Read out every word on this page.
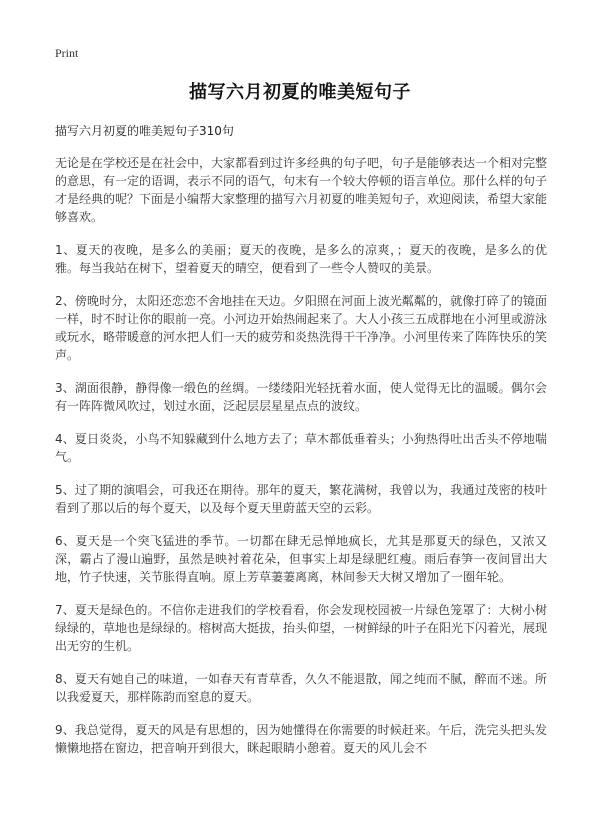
Print
描写六月初夏的唯美短句子

描写六月初夏的唯美短句子310句

无论是在学校还是在社会中，大家都看到过许多经典的句子吧，句子是能够表达一个相对完整的意思，有一定的语调，表示不同的语气，句末有一个较大停顿的语言单位。那什么样的句子才是经典的呢？下面是小编帮大家整理的描写六月初夏的唯美短句子，欢迎阅读，希望大家能够喜欢。

1、夏天的夜晚，是多么的美丽；夏天的夜晚，是多么的凉爽，；夏天的夜晚，是多么的优雅。每当我站在树下，望着夏天的晴空，便看到了一些令人赞叹的美景。

2、傍晚时分，太阳还恋恋不舍地挂在天边。夕阳照在河面上波光粼粼的，就像打碎了的镜面一样，时不时让你的眼前一亮。小河边开始热闹起来了。大人小孩三五成群地在小河里或游泳或玩水，略带暖意的河水把人们一天的疲劳和炎热洗得干干净净。小河里传来了阵阵快乐的笑声。

3、湖面很静，静得像一缎色的丝绸。一缕缕阳光轻抚着水面，使人觉得无比的温暖。偶尔会有一阵阵微风吹过，划过水面，泛起层层星星点点的波纹。

4、夏日炎炎，小鸟不知躲藏到什么地方去了；草木都低垂着头；小狗热得吐出舌头不停地喘气。

5、过了期的演唱会，可我还在期待。那年的夏天，繁花满树，我曾以为，我通过茂密的枝叶看到了那以后的每个夏天，以及每个夏天里蔚蓝天空的云彩。

6、夏天是一个突飞猛进的季节。一切都在肆无忌惮地疯长，尤其是那夏天的绿色，又浓又深，霸占了漫山遍野，虽然是映衬着花朵，但事实上却是绿肥红瘦。雨后春笋一夜间冒出大地，竹子快速，关节胀得直响。原上芳草萋萋离离，林间参天大树又增加了一圈年轮。

7、夏天是绿色的。不信你走进我们的学校看看，你会发现校园被一片绿色笼罩了：大树小树绿绿的，草地也是绿绿的。榕树高大挺拔，抬头仰望，一树鲜绿的叶子在阳光下闪着光，展现出无穷的生机。

8、夏天有她自己的味道，一如春天有青草香，久久不能退散，闻之纯而不腻，醉而不迷。所以我爱夏天，那样陈韵而窒息的夏天。

9、我总觉得，夏天的风是有思想的，因为她懂得在你需要的时候赶来。午后，洗完头把头发懒懒地搭在窗边，把音响开到很大，眯起眼睛小憩着。夏天的风儿会不
